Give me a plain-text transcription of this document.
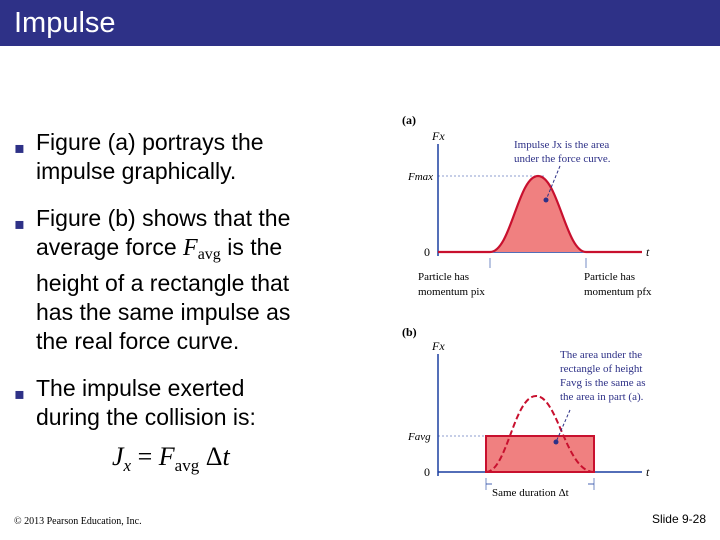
Impulse
▪ Figure (a) portrays the
impulse graphically.
▪ Figure (b) shows that the
average force $F_{avg}$ is the
height of a rectangle that
has the same impulse as
the real force curve.
▪ The impulse exerted
during the collision is:
$J_x = F_{avg}$ Δt
(a)
Fx
Fmax
0	t
Impulse Jx is the area
under the force curve.
Particle has
momentum pix
Particle has
momentum pfx
(b)
Fx
Favg
0	t
The area under the
rectangle of height
Favg is the same as
the area in part (a).
Same duration Δt
© 2013 Pearson Education, Inc.	Slide 9-28
